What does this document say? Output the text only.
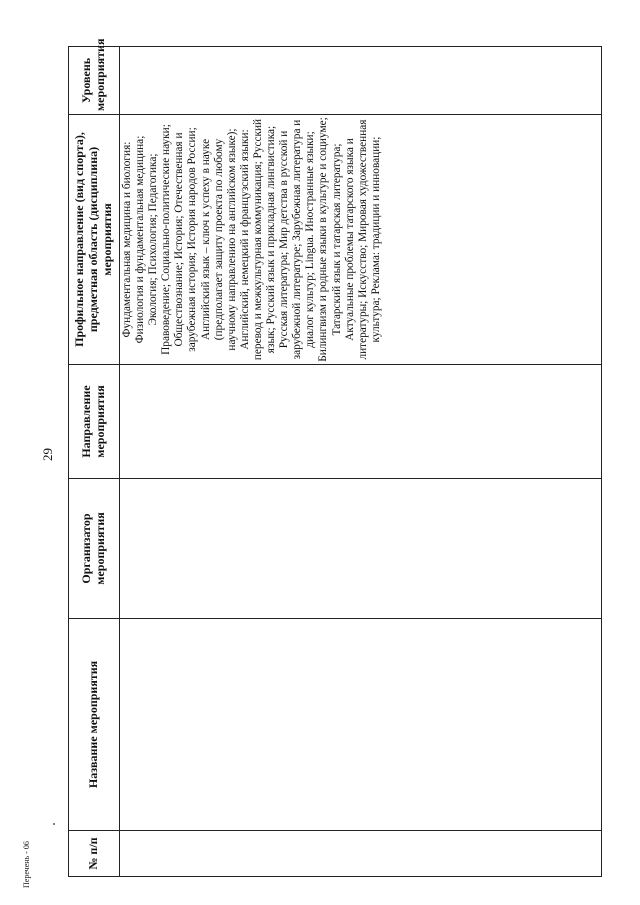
29
Перечень - 06	№ п/п	Название мероприятия	Организатор мероприятия	Направление мероприятия	Профильное направление (вид спорта), предметная область (дисциплина) мероприятия	Уровень мероприятия
				Фундаментальная медицина и биология: Физиология и фундаментальная медицина; Экология; Психология; Педагогика; Правоведение; Социально-политические науки; Обществознание; История; Отечественная и зарубежная история; История народов России; Английский язык – ключ к успеху в науке (предполагает защиту проекта по любому научному направлению на английском языке); Английский, немецкий и французский языки: перевод и межкультурная коммуникация; Русский язык; Русский язык и прикладная лингвистика; Русская литература; Мир детства в русской и зарубежной литературе; Зарубежная литература и диалог культур; Lingua. Иностранные языки; Билингвизм и родные языки в культуре и социуме; Татарский язык и татарская литература; Актуальные проблемы татарского языка и литературы; Искусство; Мировая художественная культура; Реклама: традиции и инновации;	
